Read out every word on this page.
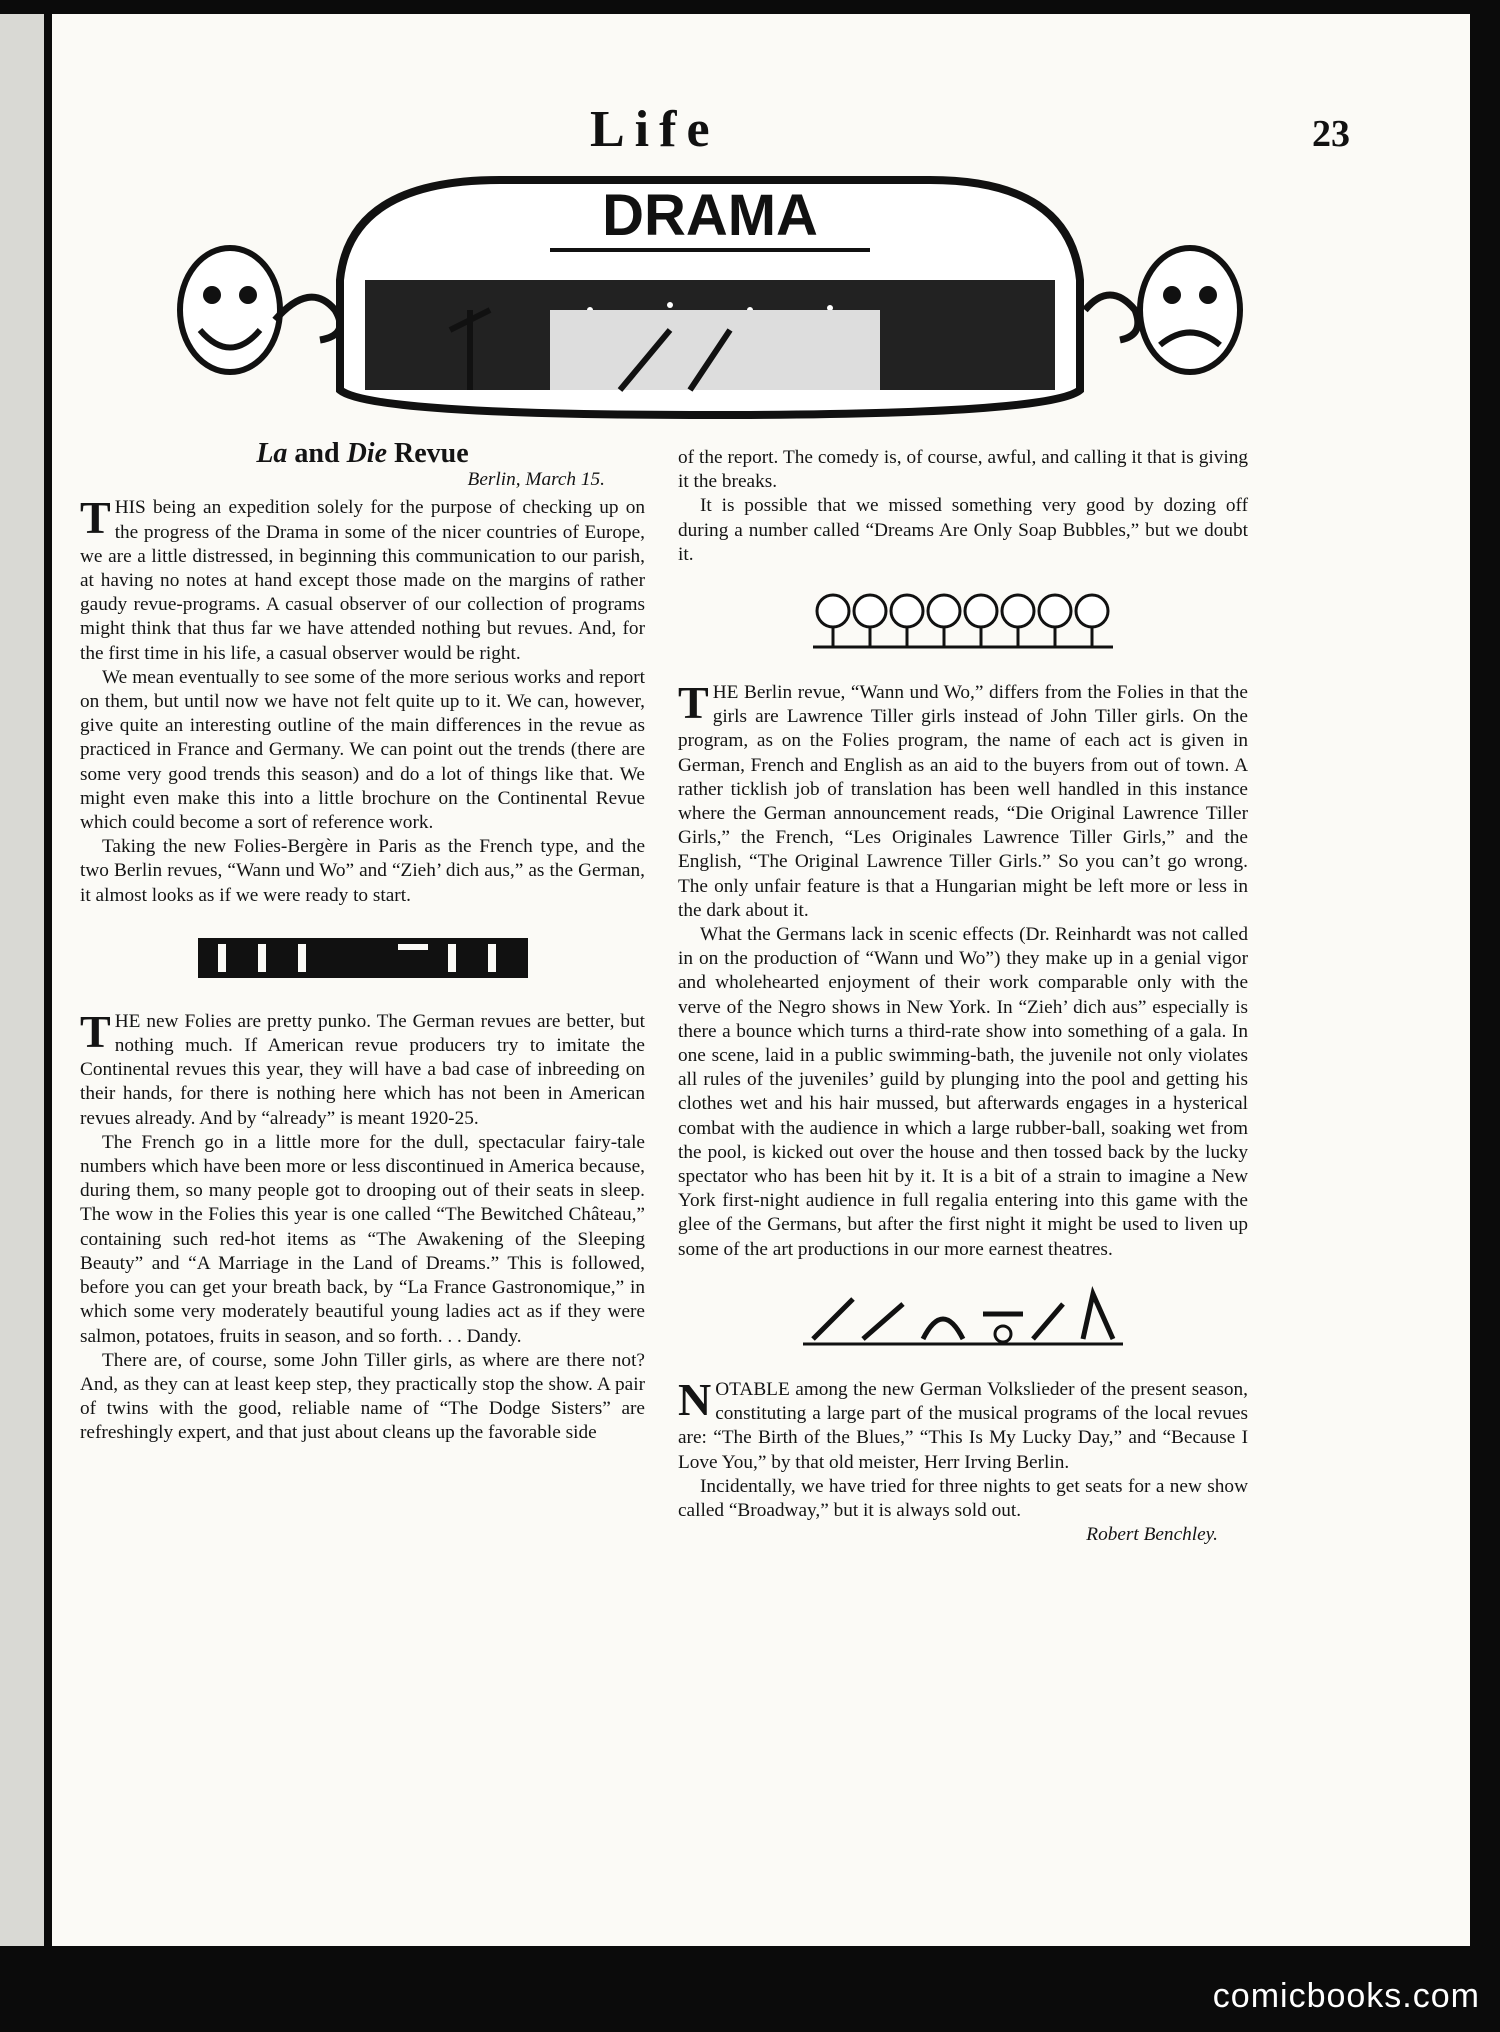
Life	23
DRAMA
La and Die Revue
Berlin, March 15.

THIS being an expedition solely for the purpose of checking up on the progress of the Drama in some of the nicer countries of Europe, we are a little distressed, in beginning this communication to our parish, at having no notes at hand except those made on the margins of rather gaudy revue-programs. A casual observer of our collection of programs might think that thus far we have attended nothing but revues. And, for the first time in his life, a casual observer would be right.

We mean eventually to see some of the more serious works and report on them, but until now we have not felt quite up to it. We can, however, give quite an interesting outline of the main differences in the revue as practiced in France and Germany. We can point out the trends (there are some very good trends this season) and do a lot of things like that. We might even make this into a little brochure on the Continental Revue which could become a sort of reference work.

Taking the new Folies-Bergère in Paris as the French type, and the two Berlin revues, “Wann und Wo” and “Zieh’ dich aus,” as the German, it almost looks as if we were ready to start.

THE new Folies are pretty punko. The German revues are better, but nothing much. If American revue producers try to imitate the Continental revues this year, they will have a bad case of inbreeding on their hands, for there is nothing here which has not been in American revues already. And by “already” is meant 1920-25.

The French go in a little more for the dull, spectacular fairy-tale numbers which have been more or less discontinued in America because, during them, so many people got to drooping out of their seats in sleep. The wow in the Folies this year is one called “The Bewitched Château,” containing such red-hot items as “The Awakening of the Sleeping Beauty” and “A Marriage in the Land of Dreams.” This is followed, before you can get your breath back, by “La France Gastronomique,” in which some very moderately beautiful young ladies act as if they were salmon, potatoes, fruits in season, and so forth. . . Dandy.

There are, of course, some John Tiller girls, as where are there not? And, as they can at least keep step, they practically stop the show. A pair of twins with the good, reliable name of “The Dodge Sisters” are refreshingly expert, and that just about cleans up the favorable side

of the report. The comedy is, of course, awful, and calling it that is giving it the breaks.

It is possible that we missed something very good by dozing off during a number called “Dreams Are Only Soap Bubbles,” but we doubt it.

THE Berlin revue, “Wann und Wo,” differs from the Folies in that the girls are Lawrence Tiller girls instead of John Tiller girls. On the program, as on the Folies program, the name of each act is given in German, French and English as an aid to the buyers from out of town. A rather ticklish job of translation has been well handled in this instance where the German announcement reads, “Die Original Lawrence Tiller Girls,” the French, “Les Originales Lawrence Tiller Girls,” and the English, “The Original Lawrence Tiller Girls.” So you can’t go wrong. The only unfair feature is that a Hungarian might be left more or less in the dark about it.

What the Germans lack in scenic effects (Dr. Reinhardt was not called in on the production of “Wann und Wo”) they make up in a genial vigor and wholehearted enjoyment of their work comparable only with the verve of the Negro shows in New York. In “Zieh’ dich aus” especially is there a bounce which turns a third-rate show into something of a gala. In one scene, laid in a public swimming-bath, the juvenile not only violates all rules of the juveniles’ guild by plunging into the pool and getting his clothes wet and his hair mussed, but afterwards engages in a hysterical combat with the audience in which a large rubber-ball, soaking wet from the pool, is kicked out over the house and then tossed back by the lucky spectator who has been hit by it. It is a bit of a strain to imagine a New York first-night audience in full regalia entering into this game with the glee of the Germans, but after the first night it might be used to liven up some of the art productions in our more earnest theatres.

NOTABLE among the new German Volkslieder of the present season, constituting a large part of the musical programs of the local revues are: “The Birth of the Blues,” “This Is My Lucky Day,” and “Because I Love You,” by that old meister, Herr Irving Berlin.

Incidentally, we have tried for three nights to get seats for a new show called “Broadway,” but it is always sold out.

Robert Benchley.
comicbooks.com
